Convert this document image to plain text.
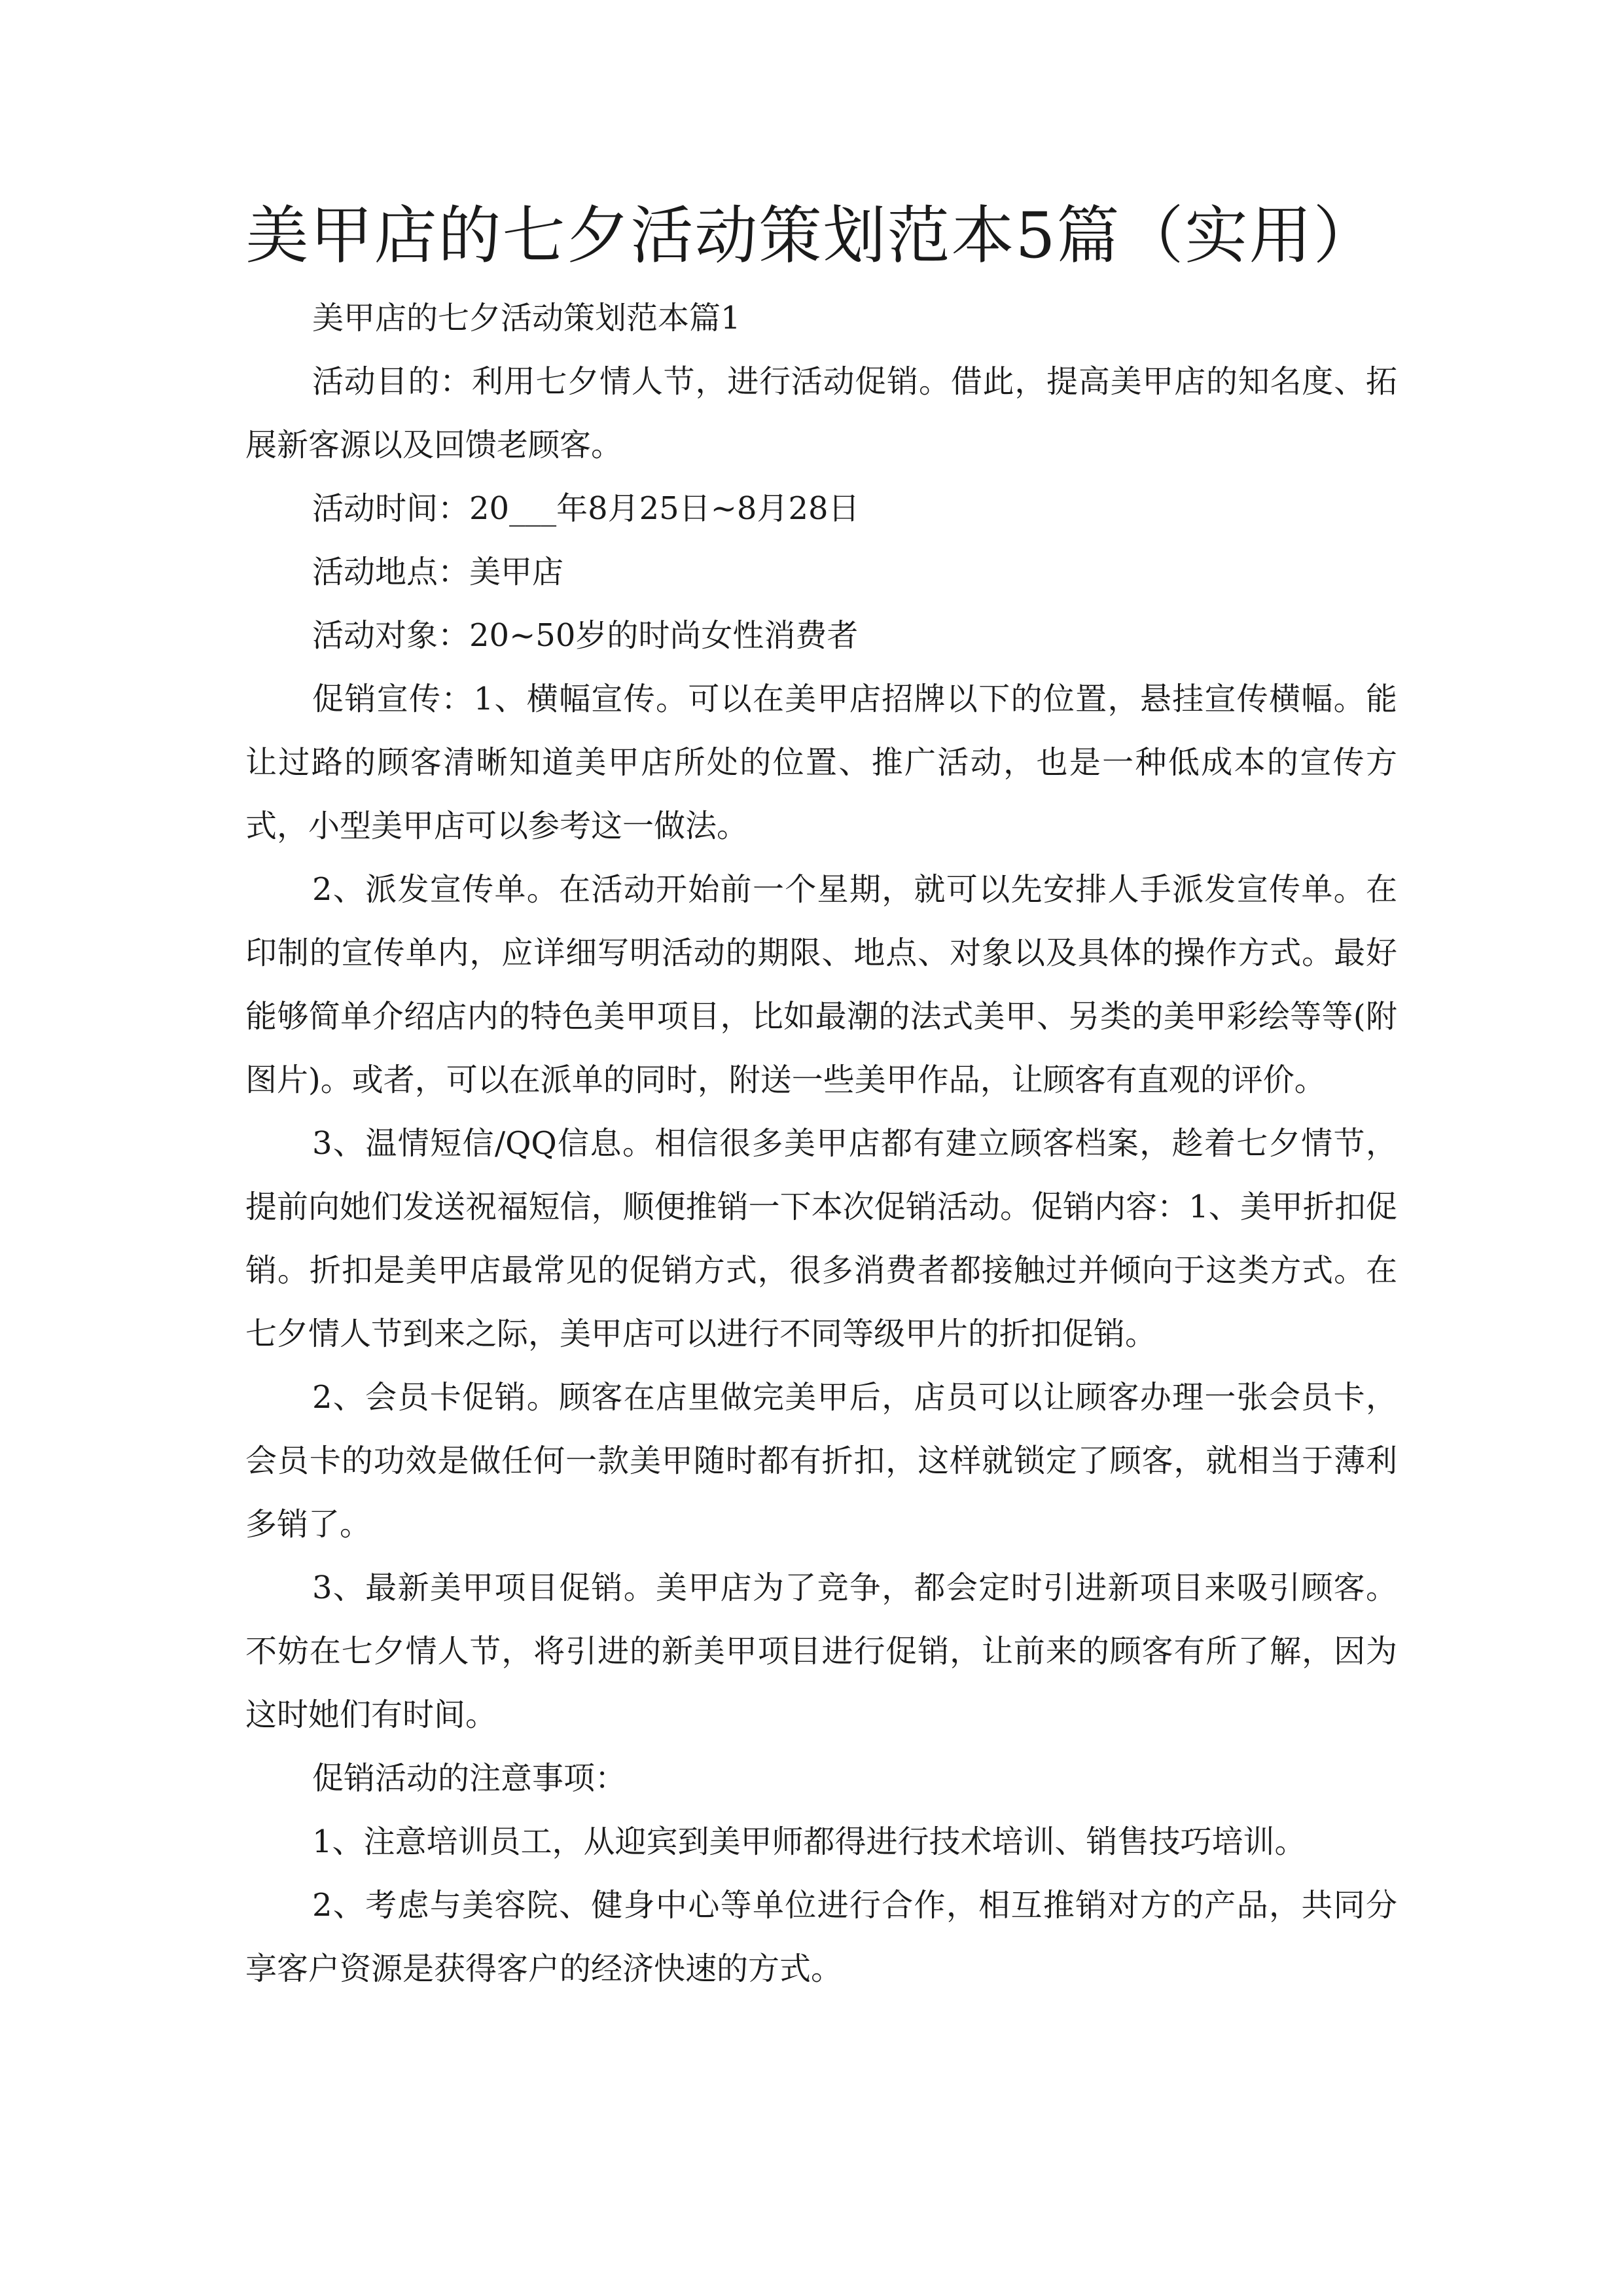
美甲店的七夕活动策划范本5篇（实用）

美甲店的七夕活动策划范本篇1

活动目的：利用七夕情人节，进行活动促销。借此，提高美甲店的知名度、拓展新客源以及回馈老顾客。

活动时间：20___年8月25日~8月28日

活动地点：美甲店

活动对象：20~50岁的时尚女性消费者

促销宣传：1、横幅宣传。可以在美甲店招牌以下的位置，悬挂宣传横幅。能让过路的顾客清晰知道美甲店所处的位置、推广活动，也是一种低成本的宣传方式，小型美甲店可以参考这一做法。

2、派发宣传单。在活动开始前一个星期，就可以先安排人手派发宣传单。在印制的宣传单内，应详细写明活动的期限、地点、对象以及具体的操作方式。最好能够简单介绍店内的特色美甲项目，比如最潮的法式美甲、另类的美甲彩绘等等(附图片)。或者，可以在派单的同时，附送一些美甲作品，让顾客有直观的评价。

3、温情短信/QQ信息。相信很多美甲店都有建立顾客档案，趁着七夕情节，提前向她们发送祝福短信，顺便推销一下本次促销活动。促销内容：1、美甲折扣促销。折扣是美甲店最常见的促销方式，很多消费者都接触过并倾向于这类方式。在七夕情人节到来之际，美甲店可以进行不同等级甲片的折扣促销。

2、会员卡促销。顾客在店里做完美甲后，店员可以让顾客办理一张会员卡，会员卡的功效是做任何一款美甲随时都有折扣，这样就锁定了顾客，就相当于薄利多销了。

3、最新美甲项目促销。美甲店为了竞争，都会定时引进新项目来吸引顾客。不妨在七夕情人节，将引进的新美甲项目进行促销，让前来的顾客有所了解，因为这时她们有时间。

促销活动的注意事项：

1、注意培训员工，从迎宾到美甲师都得进行技术培训、销售技巧培训。

2、考虑与美容院、健身中心等单位进行合作，相互推销对方的产品，共同分享客户资源是获得客户的经济快速的方式。
